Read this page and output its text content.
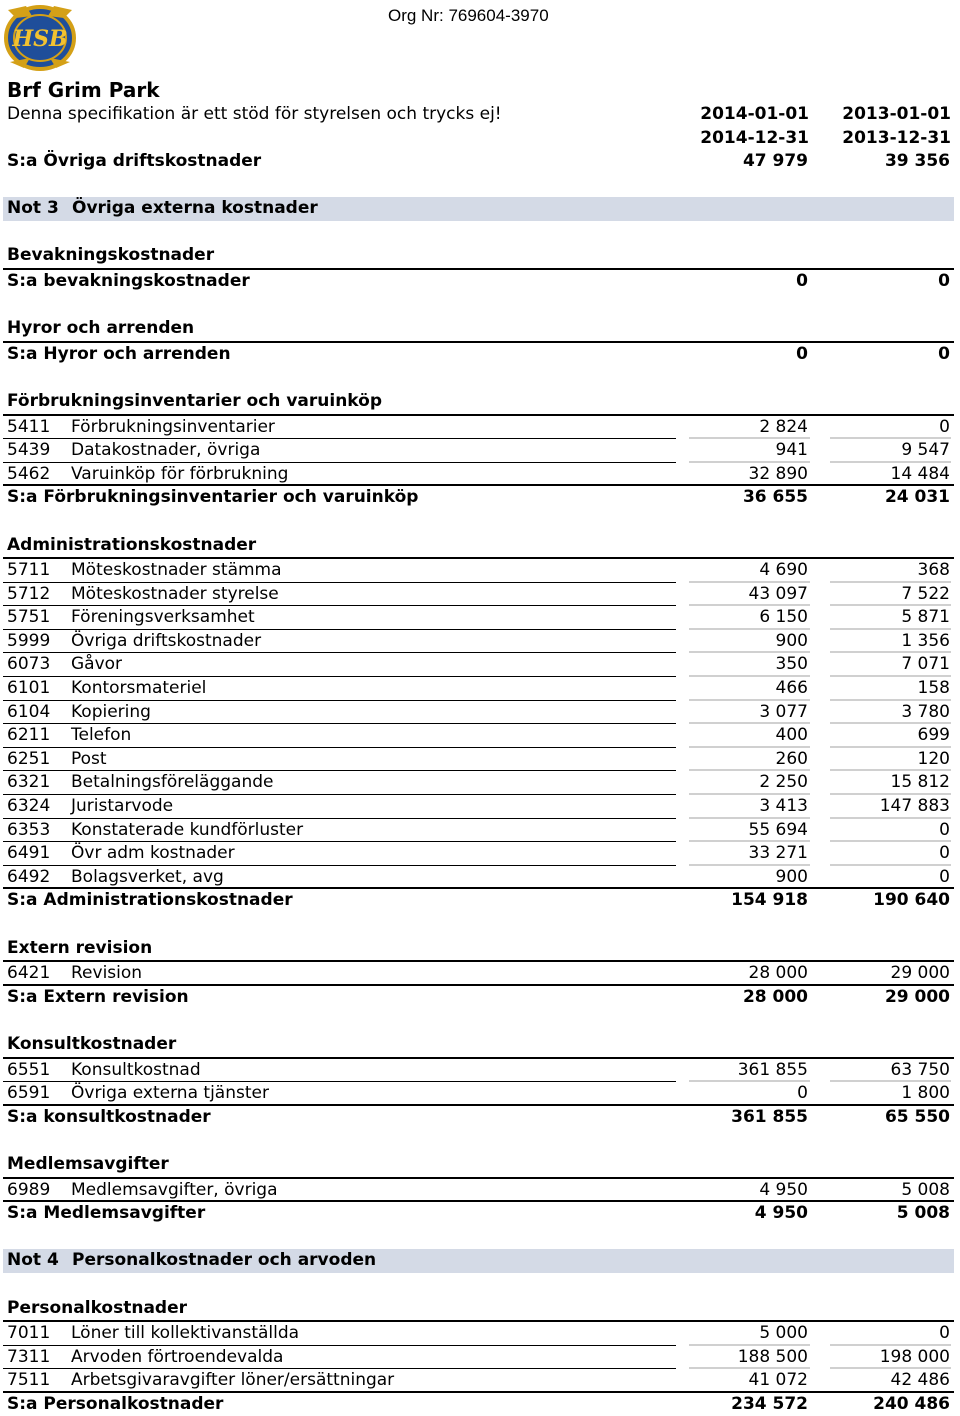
HSB
Org Nr: 769604-3970
Brf Grim Park
Denna specifikation är ett stöd för styrelsen och trycks ej!	2014-01-01	2013-01-01
2014-12-31	2013-12-31
S:a Övriga driftskostnader	47 979	39 356
Not 3 Övriga externa kostnader
Bevakningskostnader
S:a bevakningskostnader	0	0
Hyror och arrenden
S:a Hyror och arrenden	0	0
Förbrukningsinventarier och varuinköp
5411 Förbrukningsinventarier	2 824	0
5439 Datakostnader, övriga	941	9 547
5462 Varuinköp för förbrukning	32 890	14 484
S:a Förbrukningsinventarier och varuinköp	36 655	24 031
Administrationskostnader
5711 Möteskostnader stämma	4 690	368
5712 Möteskostnader styrelse	43 097	7 522
5751 Föreningsverksamhet	6 150	5 871
5999 Övriga driftskostnader	900	1 356
6073 Gåvor	350	7 071
6101 Kontorsmateriel	466	158
6104 Kopiering	3 077	3 780
6211 Telefon	400	699
6251 Post	260	120
6321 Betalningsföreläggande	2 250	15 812
6324 Juristarvode	3 413	147 883
6353 Konstaterade kundförluster	55 694	0
6491 Övr adm kostnader	33 271	0
6492 Bolagsverket, avg	900	0
S:a Administrationskostnader	154 918	190 640
Extern revision
6421 Revision	28 000	29 000
S:a Extern revision	28 000	29 000
Konsultkostnader
6551 Konsultkostnad	361 855	63 750
6591 Övriga externa tjänster	0	1 800
S:a konsultkostnader	361 855	65 550
Medlemsavgifter
6989 Medlemsavgifter, övriga	4 950	5 008
S:a Medlemsavgifter	4 950	5 008
Not 4 Personalkostnader och arvoden
Personalkostnader
7011 Löner till kollektivanställda	5 000	0
7311 Arvoden förtroendevalda	188 500	198 000
7511 Arbetsgivaravgifter löner/ersättningar	41 072	42 486
S:a Personalkostnader	234 572	240 486
